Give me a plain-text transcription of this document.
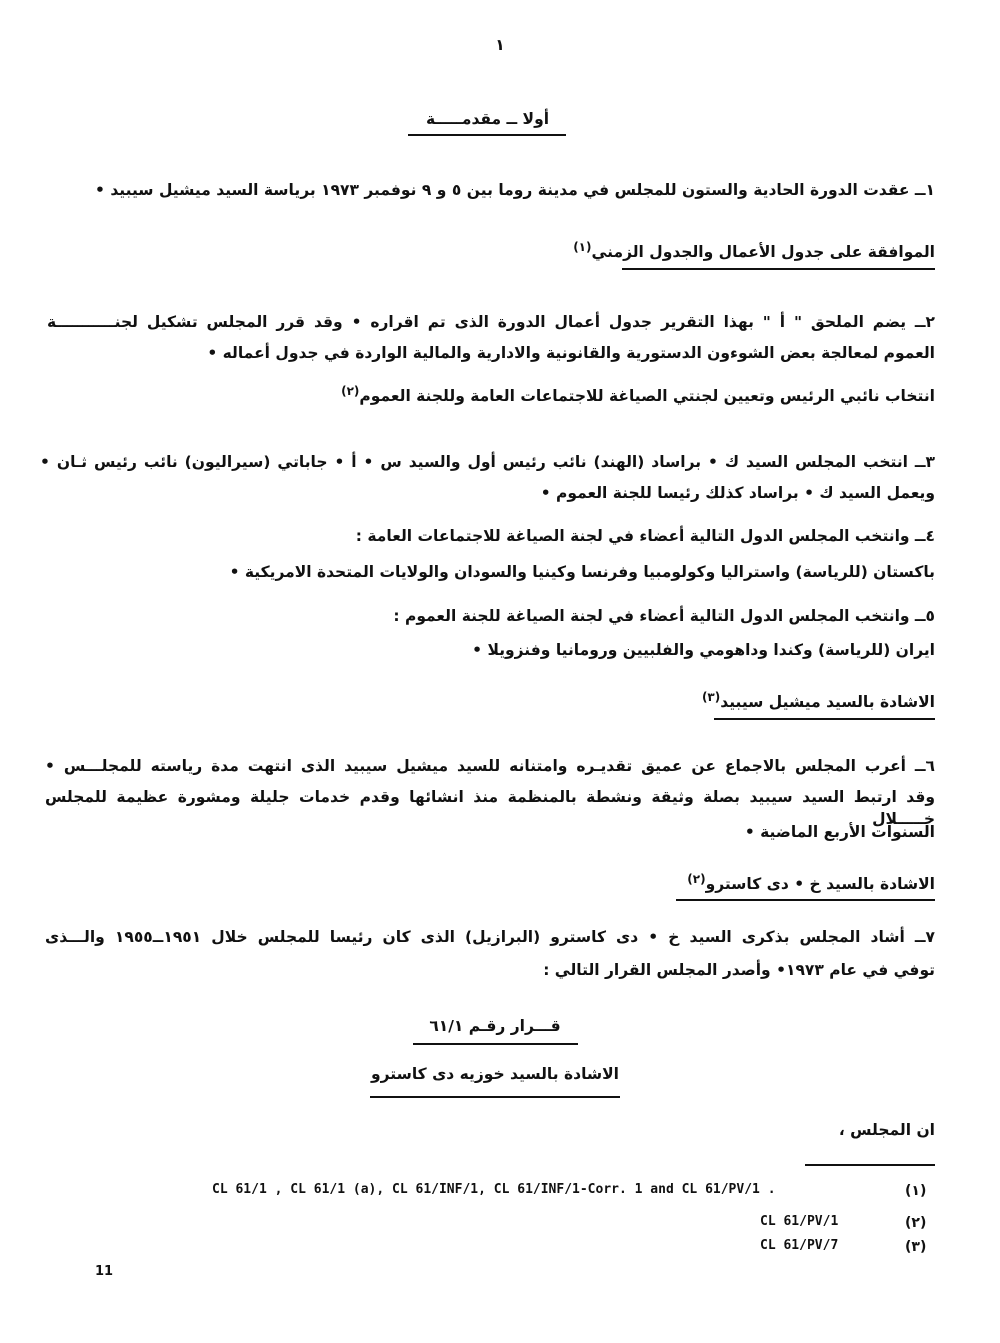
١
أولا ــ مقدمـــــة
١ــ عقدت الدورة الحادية والستون للمجلس في مدينة روما بين ٥ و ٩ نوفمبر ١٩٧٣ برياسة السيد ميشيل سيبيد •
الموافقة على جدول الأعمال والجدول الزمني$^{(١)}$
٢ــ يضم الملحق " أ " بهذا التقرير جدول أعمال الدورة الذى تم اقراره • وقد قرر المجلس تشكيل لجنـــــــــــة
العموم لمعالجة بعض الشوءون الدستورية والقانونية والادارية والمالية الواردة في جدول أعماله •
انتخاب نائبي الرئيس وتعيين لجنتي الصياغة للاجتماعات العامة وللجنة العموم$^{(٢)}$
٣ــ انتخب المجلس السيد ك • براساد (الهند) نائب رئيس أول والسيد س • أ • جاباتي (سيراليون) نائب رئيس ثـان •
ويعمل السيد ك • براساد كذلك رئيسا للجنة العموم •
٤ــ وانتخب المجلس الدول التالية أعضاء في لجنة الصياغة للاجتماعات العامة :
باكستان (للرياسة) واستراليا وكولومبيا وفرنسا وكينيا والسودان والولايات المتحدة الامريكية •
٥ــ وانتخب المجلس الدول التالية أعضاء في لجنة الصياغة للجنة العموم :
ايران (للرياسة) وكندا وداهومي والفلبيين ورومانيا وفنزويلا •
الاشادة بالسيد ميشيل سيبيد$^{(٣)}$
٦ــ أعرب المجلس بالاجماع عن عميق تقديـره وامتنانه للسيد ميشيل سيبيد الذى انتهت مدة رياسته للمجلـــس •
وقد ارتبط السيد سيبيد بصلة وثيقة ونشطة بالمنظمة منذ انشائها وقدم خدمات جليلة ومشورة عظيمة للمجلس خـــــلال
السنوات الأربع الماضية •
الاشادة بالسيد خ • دى كاسترو$^{(٢)}$
٧ــ أشاد المجلس بذكرى السيد خ • دى كاسترو (البرازيل) الذى كان رئيسا للمجلس خلال ١٩٥١ــ١٩٥٥ والـــذى
توفي في عام ١٩٧٣• وأصدر المجلس القرار التالي :
قـــرار رقـم ٦١/١
الاشادة بالسيد خوزيه دى كاسترو
ان المجلس ،
(١)
CL 61/1 , CL 61/1 (a), CL 61/INF/1, CL 61/INF/1-Corr. 1 and CL 61/PV/1 .
(٢)
CL 61/PV/1
(٣)
CL 61/PV/7
11
